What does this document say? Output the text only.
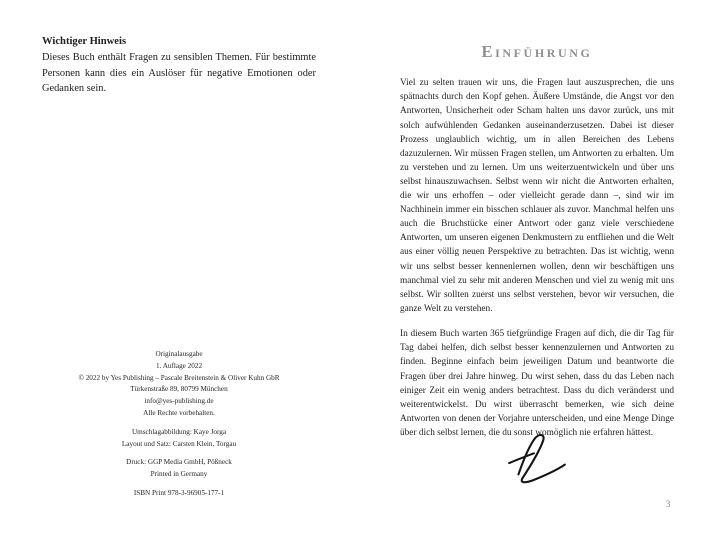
Wichtiger Hinweis
Dieses Buch enthält Fragen zu sensiblen Themen. Für bestimmte Personen kann dies ein Auslöser für negative Emotionen oder Gedanken sein.
Originalausgabe
1. Auflage 2022
© 2022 by Yes Publishing – Pascale Breitenstein & Oliver Kuhn GbR
Türkenstraße 89, 80799 München
info@yes-publishing.de
Alle Rechte vorbehalten.
Umschlagabbildung: Kaye Jorga
Layout und Satz: Carsten Klein, Torgau
Druck: GGP Media GmbH, Pößneck
Printed in Germany
ISBN Print 978-3-96905-177-1
Einführung

Viel zu selten trauen wir uns, die Fragen laut auszusprechen, die uns spätnachts durch den Kopf gehen. Äußere Umstände, die Angst vor den Antworten, Unsicherheit oder Scham halten uns davor zurück, uns mit solch aufwühlenden Gedanken auseinanderzusetzen. Dabei ist dieser Prozess unglaublich wichtig, um in allen Bereichen des Lebens dazuzulernen. Wir müssen Fragen stellen, um Antworten zu erhalten. Um zu verstehen und zu lernen. Um uns weiterzuentwickeln und über uns selbst hinauszuwachsen. Selbst wenn wir nicht die Antworten erhalten, die wir uns erhoffen – oder vielleicht gerade dann –, sind wir im Nachhinein immer ein bisschen schlauer als zuvor. Manchmal helfen uns auch die Bruchstücke einer Antwort oder ganz viele verschiedene Antworten, um unseren eigenen Denkmustern zu entfliehen und die Welt aus einer völlig neuen Perspektive zu betrachten. Das ist wichtig, wenn wir uns selbst besser kennenlernen wollen, denn wir beschäftigen uns manchmal viel zu sehr mit anderen Menschen und viel zu wenig mit uns selbst. Wir sollten zuerst uns selbst verstehen, bevor wir versuchen, die ganze Welt zu verstehen.

In diesem Buch warten 365 tiefgründige Fragen auf dich, die dir Tag für Tag dabei helfen, dich selbst besser kennenzulernen und Antworten zu finden. Beginne einfach beim jeweiligen Datum und beantworte die Fragen über drei Jahre hinweg. Du wirst sehen, dass du das Leben nach einiger Zeit ein wenig anders betrachtest. Dass du dich veränderst und weiterentwickelst. Du wirst überrascht bemerken, wie sich deine Antworten von denen der Vorjahre unterscheiden, und eine Menge Dinge über dich selbst lernen, die du sonst womöglich nie erfahren hättest.

3
